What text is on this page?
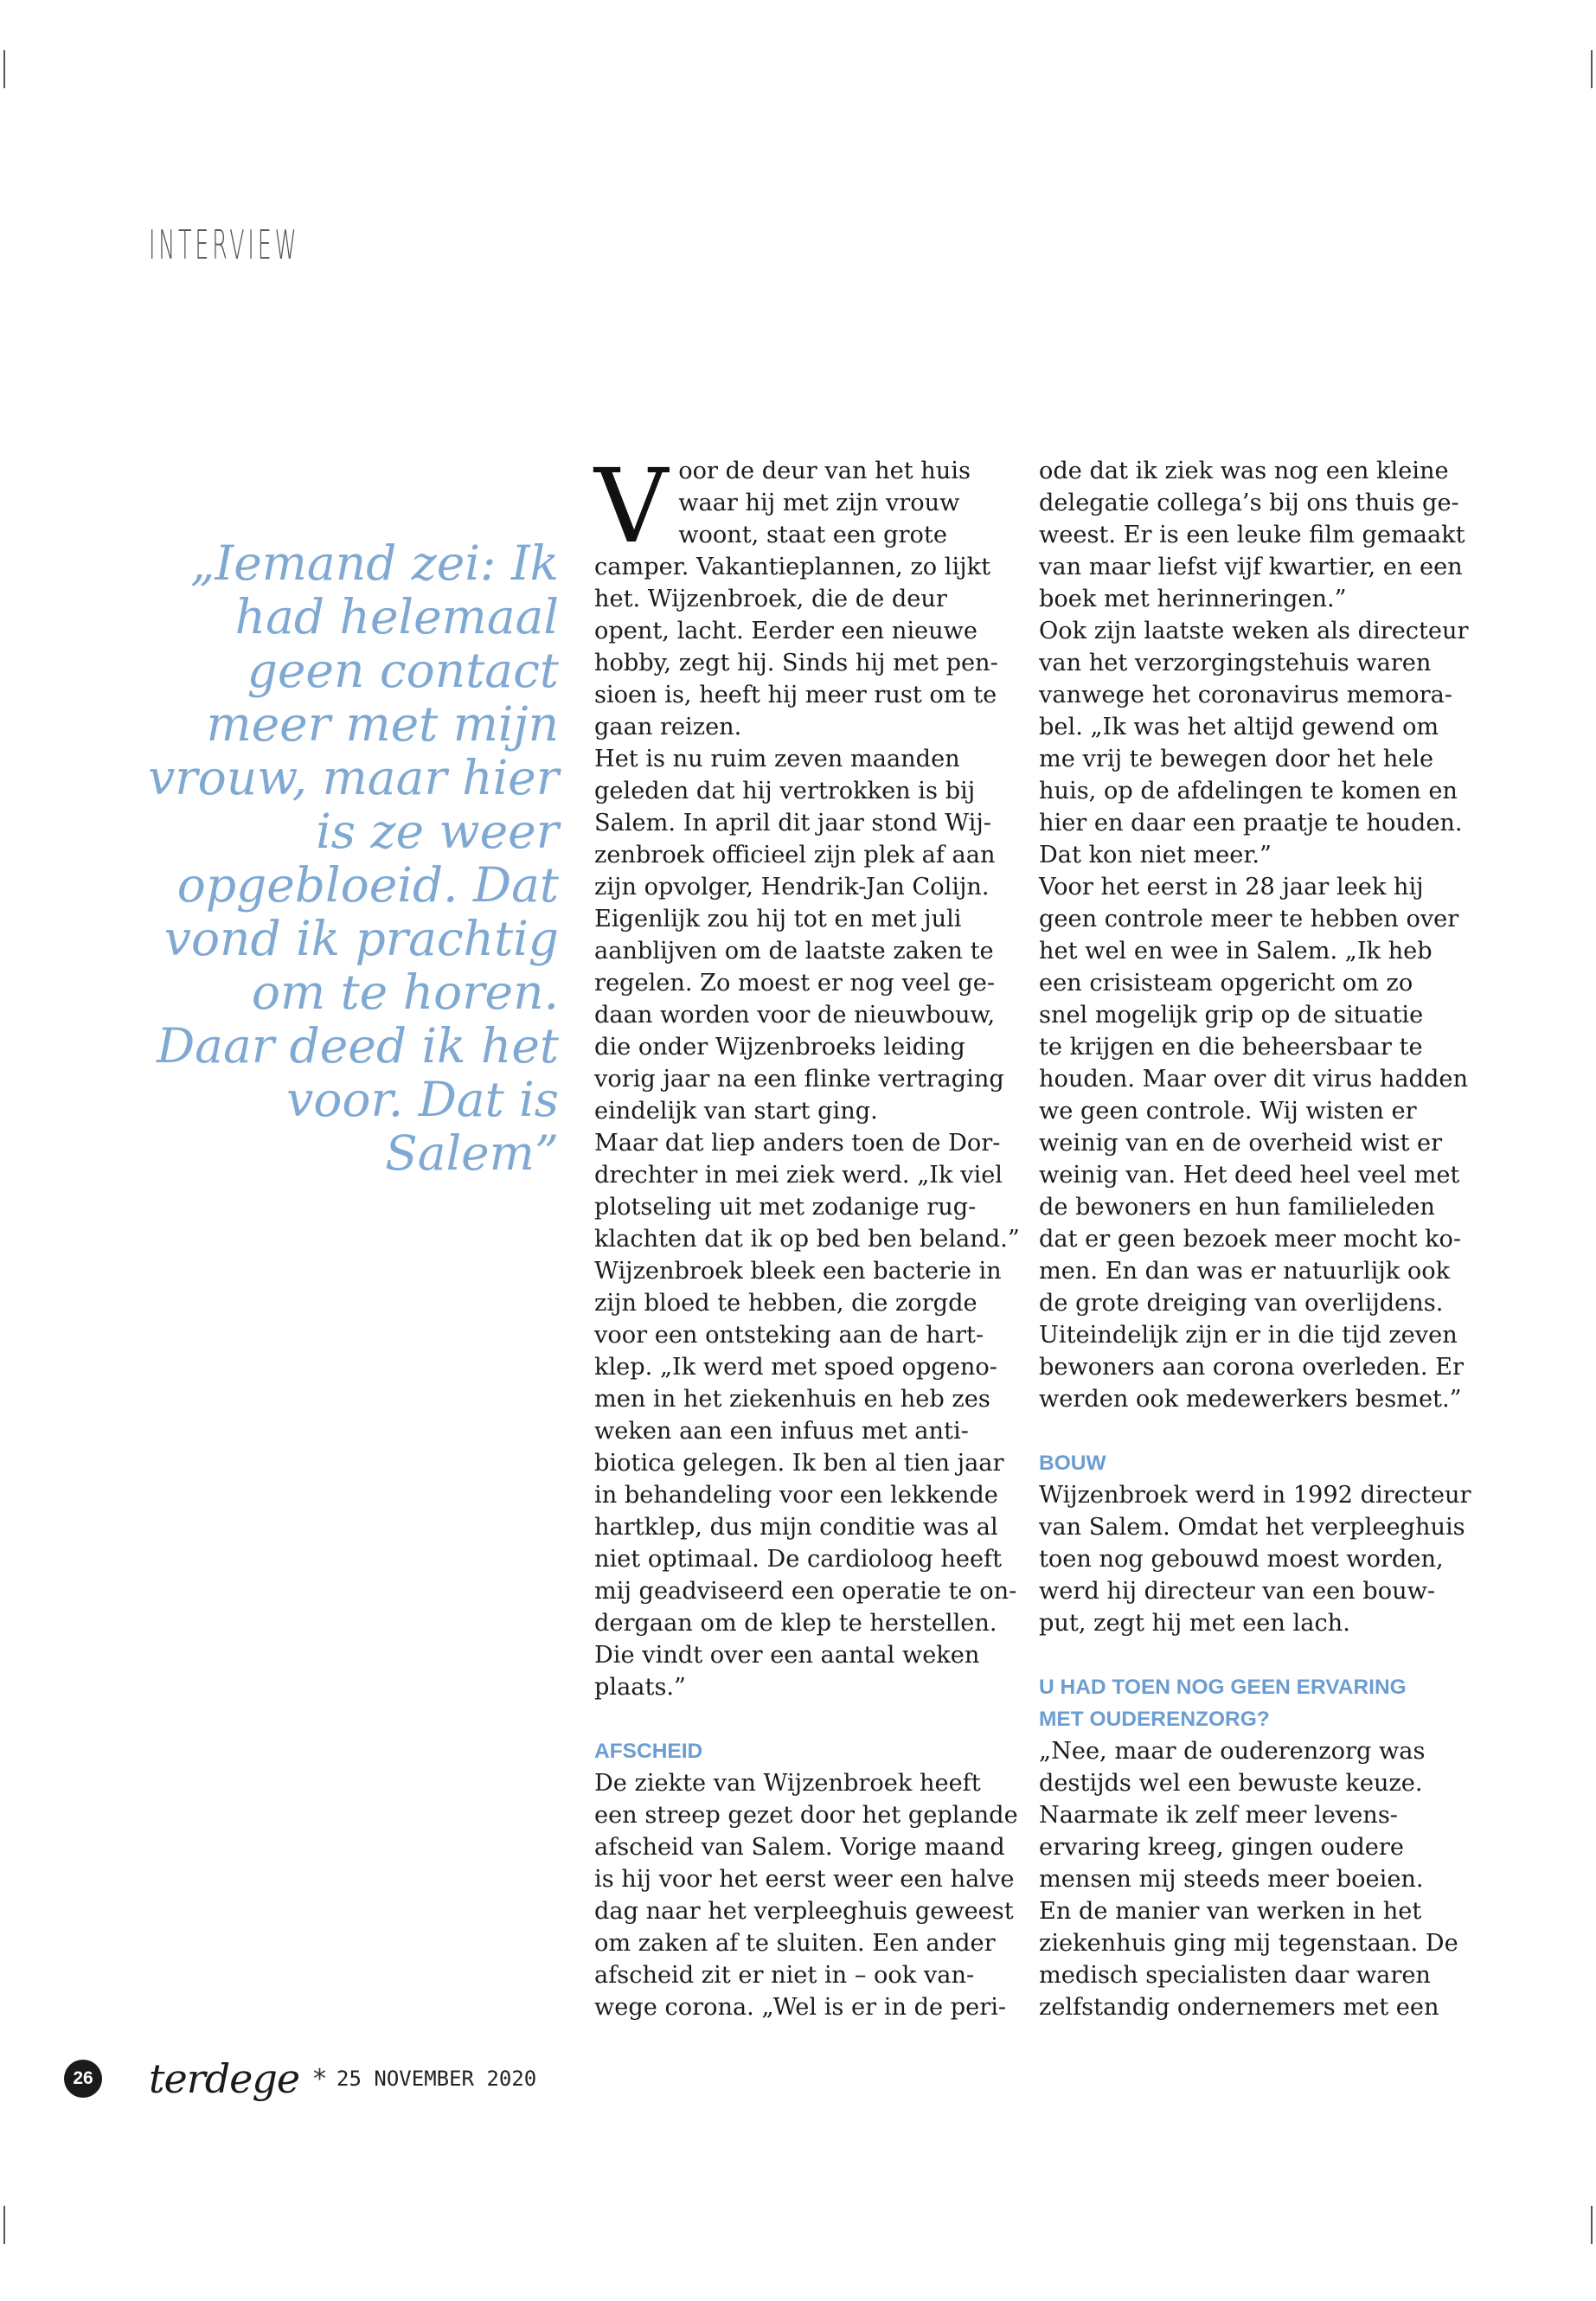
INTERVIEW

„Iemand zei: Ik had helemaal geen contact meer met mijn vrouw, maar hier is ze weer opgebloeid. Dat vond ik prachtig om te horen. Daar deed ik het voor. Dat is Salem”

V oor de deur van het huis

waar hij met zijn vrouw

woont, staat een grote

camper. Vakantieplannen, zo lijkt

het. Wijzenbroek, die de deur

opent, lacht. Eerder een nieuwe

hobby, zegt hij. Sinds hij met pen-

sioen is, heeft hij meer rust om te

gaan reizen.

Het is nu ruim zeven maanden

geleden dat hij vertrokken is bij

Salem. In april dit jaar stond Wij-

zenbroek officieel zijn plek af aan

zijn opvolger, Hendrik-Jan Colijn.

Eigenlijk zou hij tot en met juli

aanblijven om de laatste zaken te

regelen. Zo moest er nog veel ge-

daan worden voor de nieuwbouw,

die onder Wijzenbroeks leiding

vorig jaar na een flinke vertraging

eindelijk van start ging.

Maar dat liep anders toen de Dor-

drechter in mei ziek werd. „Ik viel

plotseling uit met zodanige rug-

klachten dat ik op bed ben beland.”

Wijzenbroek bleek een bacterie in

zijn bloed te hebben, die zorgde

voor een ontsteking aan de hart-

klep. „Ik werd met spoed opgeno-

men in het ziekenhuis en heb zes

weken aan een infuus met anti-

biotica gelegen. Ik ben al tien jaar

in behandeling voor een lekkende

hartklep, dus mijn conditie was al

niet optimaal. De cardioloog heeft

mij geadviseerd een operatie te on-

dergaan om de klep te herstellen.

Die vindt over een aantal weken

plaats.”

AFSCHEID

De ziekte van Wijzenbroek heeft

een streep gezet door het geplande

afscheid van Salem. Vorige maand

is hij voor het eerst weer een halve

dag naar het verpleeghuis geweest

om zaken af te sluiten. Een ander

afscheid zit er niet in – ook van-

wege corona. „Wel is er in de peri-

ode dat ik ziek was nog een kleine

delegatie collega’s bij ons thuis ge-

weest. Er is een leuke film gemaakt

van maar liefst vijf kwartier, en een

boek met herinneringen.”

Ook zijn laatste weken als directeur

van het verzorgingstehuis waren

vanwege het coronavirus memora-

bel. „Ik was het altijd gewend om

me vrij te bewegen door het hele

huis, op de afdelingen te komen en

hier en daar een praatje te houden.

Dat kon niet meer.”

Voor het eerst in 28 jaar leek hij

geen controle meer te hebben over

het wel en wee in Salem. „Ik heb

een crisisteam opgericht om zo

snel mogelijk grip op de situatie

te krijgen en die beheersbaar te

houden. Maar over dit virus hadden

we geen controle. Wij wisten er

weinig van en de overheid wist er

weinig van. Het deed heel veel met

de bewoners en hun familieleden

dat er geen bezoek meer mocht ko-

men. En dan was er natuurlijk ook

de grote dreiging van overlijdens.

Uiteindelijk zijn er in die tijd zeven

bewoners aan corona overleden. Er

werden ook medewerkers besmet.”

BOUW

Wijzenbroek werd in 1992 directeur

van Salem. Omdat het verpleeghuis

toen nog gebouwd moest worden,

werd hij directeur van een bouw-

put, zegt hij met een lach.

U HAD TOEN NOG GEEN ERVARING

MET OUDERENZORG?

„Nee, maar de ouderenzorg was

destijds wel een bewuste keuze.

Naarmate ik zelf meer levens-

ervaring kreeg, gingen oudere

mensen mij steeds meer boeien.

En de manier van werken in het

ziekenhuis ging mij tegenstaan. De

medisch specialisten daar waren

zelfstandig ondernemers met een

26 terdege * 25 NOVEMBER 2020
